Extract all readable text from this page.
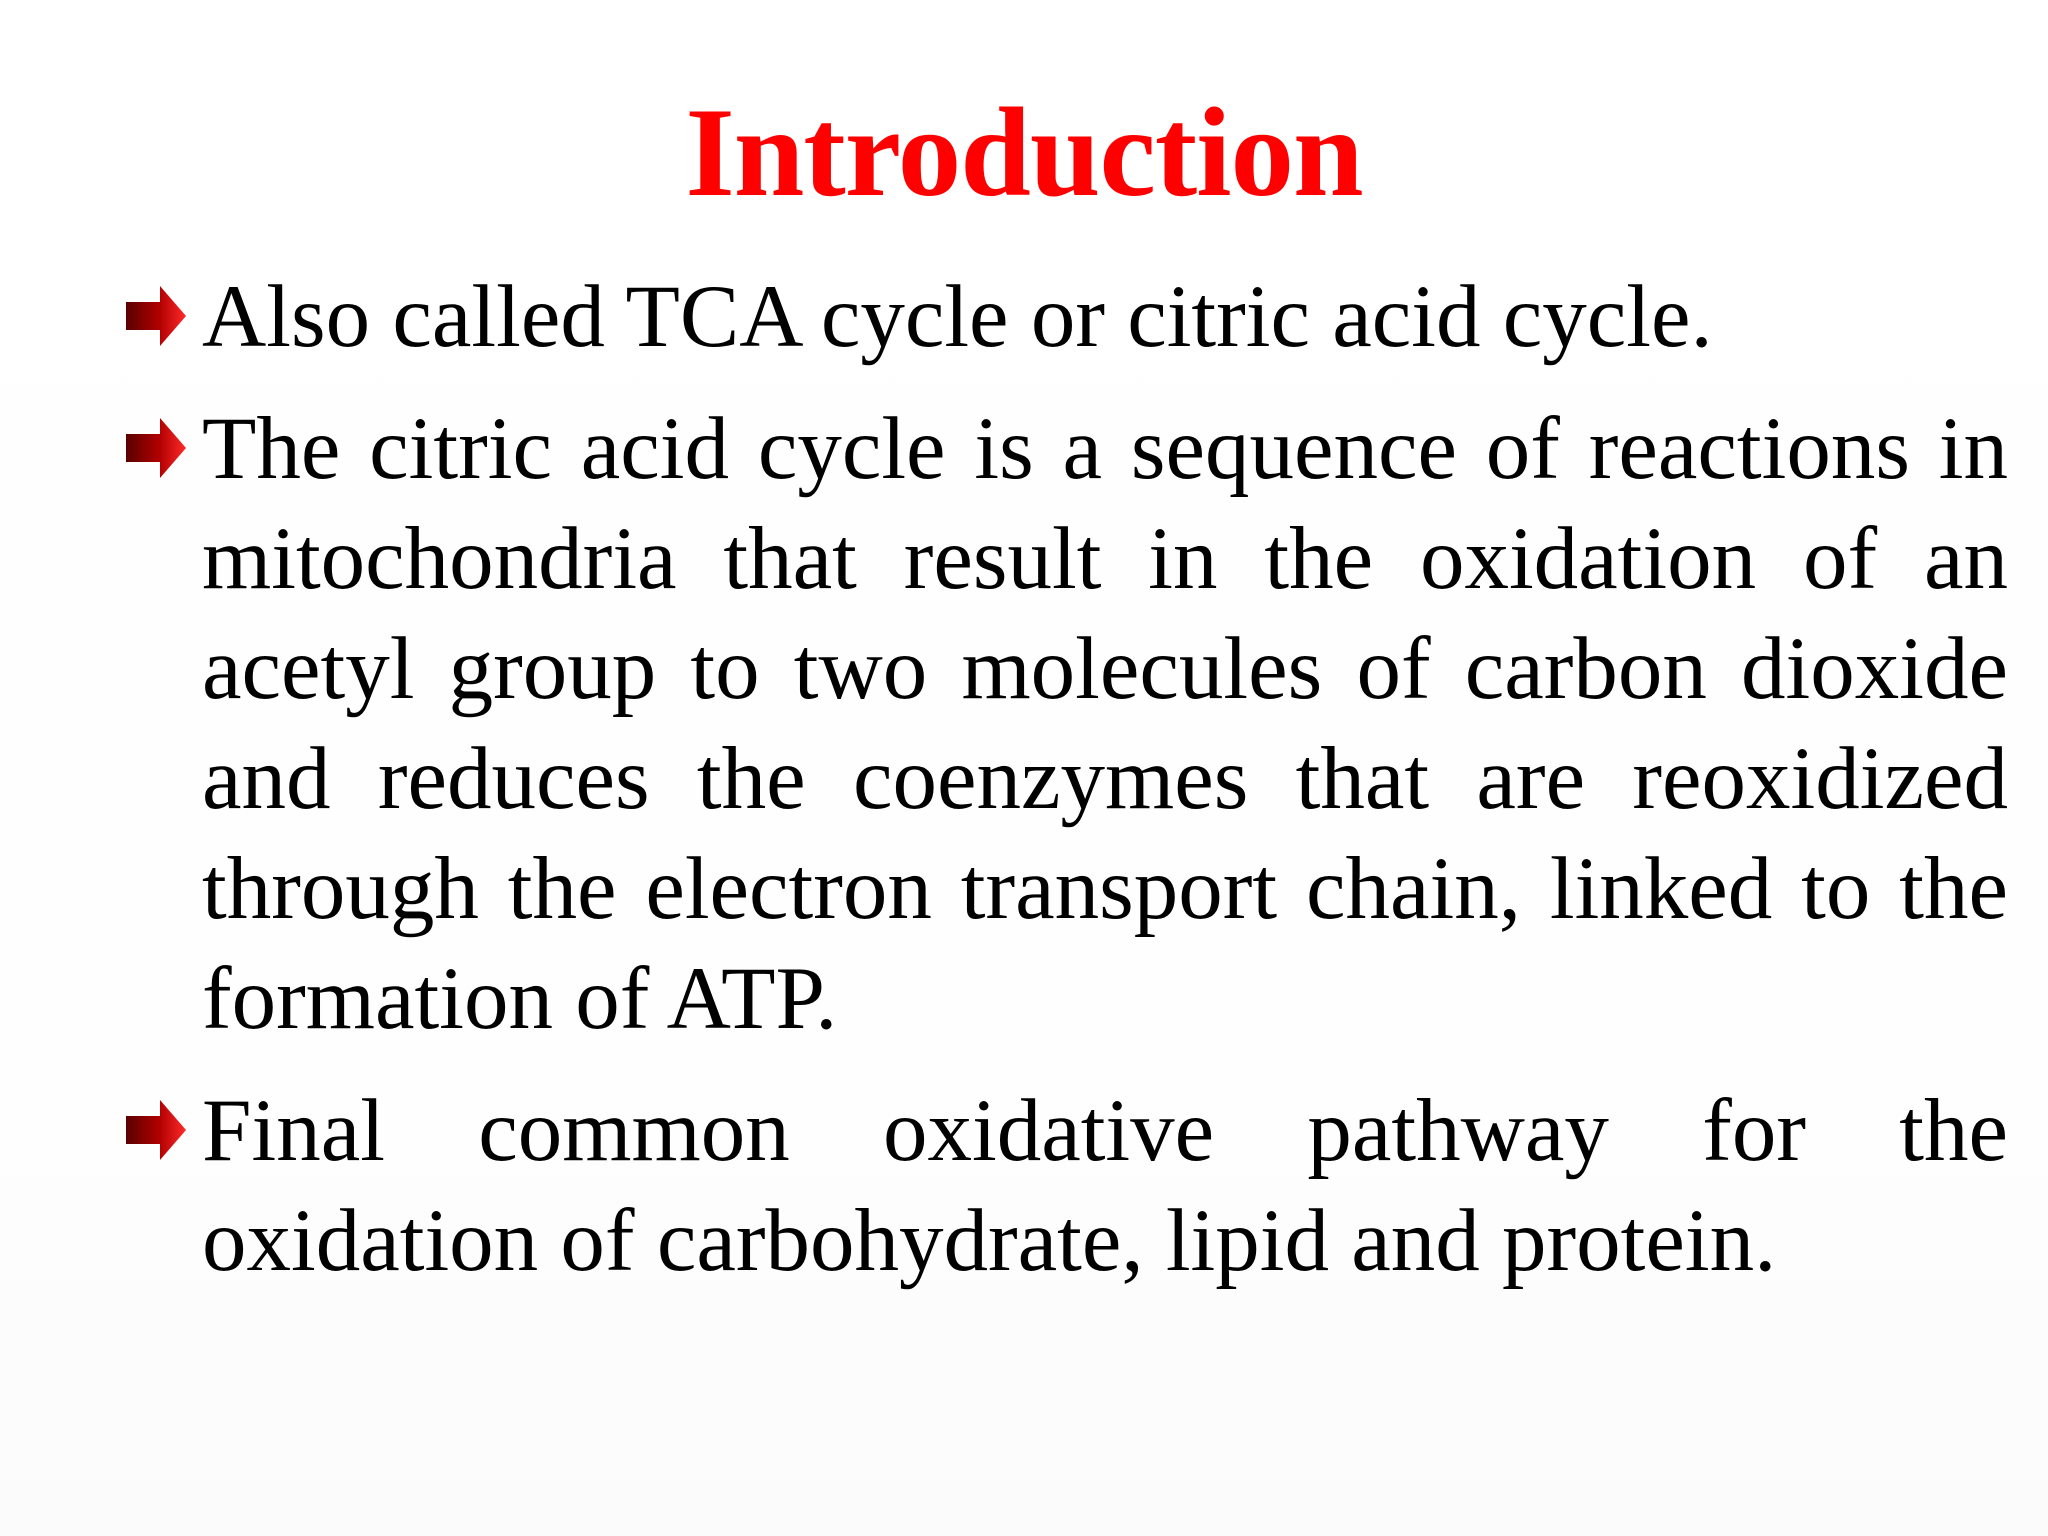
Introduction
Also called TCA cycle or citric acid cycle.
The citric acid cycle is a sequence of reactions in mitochondria that result in the oxidation of an acetyl group to two molecules of carbon dioxide and reduces the coenzymes that are reoxidized through the electron transport chain, linked to the formation of ATP.
Final common oxidative pathway for the oxidation of carbohydrate, lipid and protein.
